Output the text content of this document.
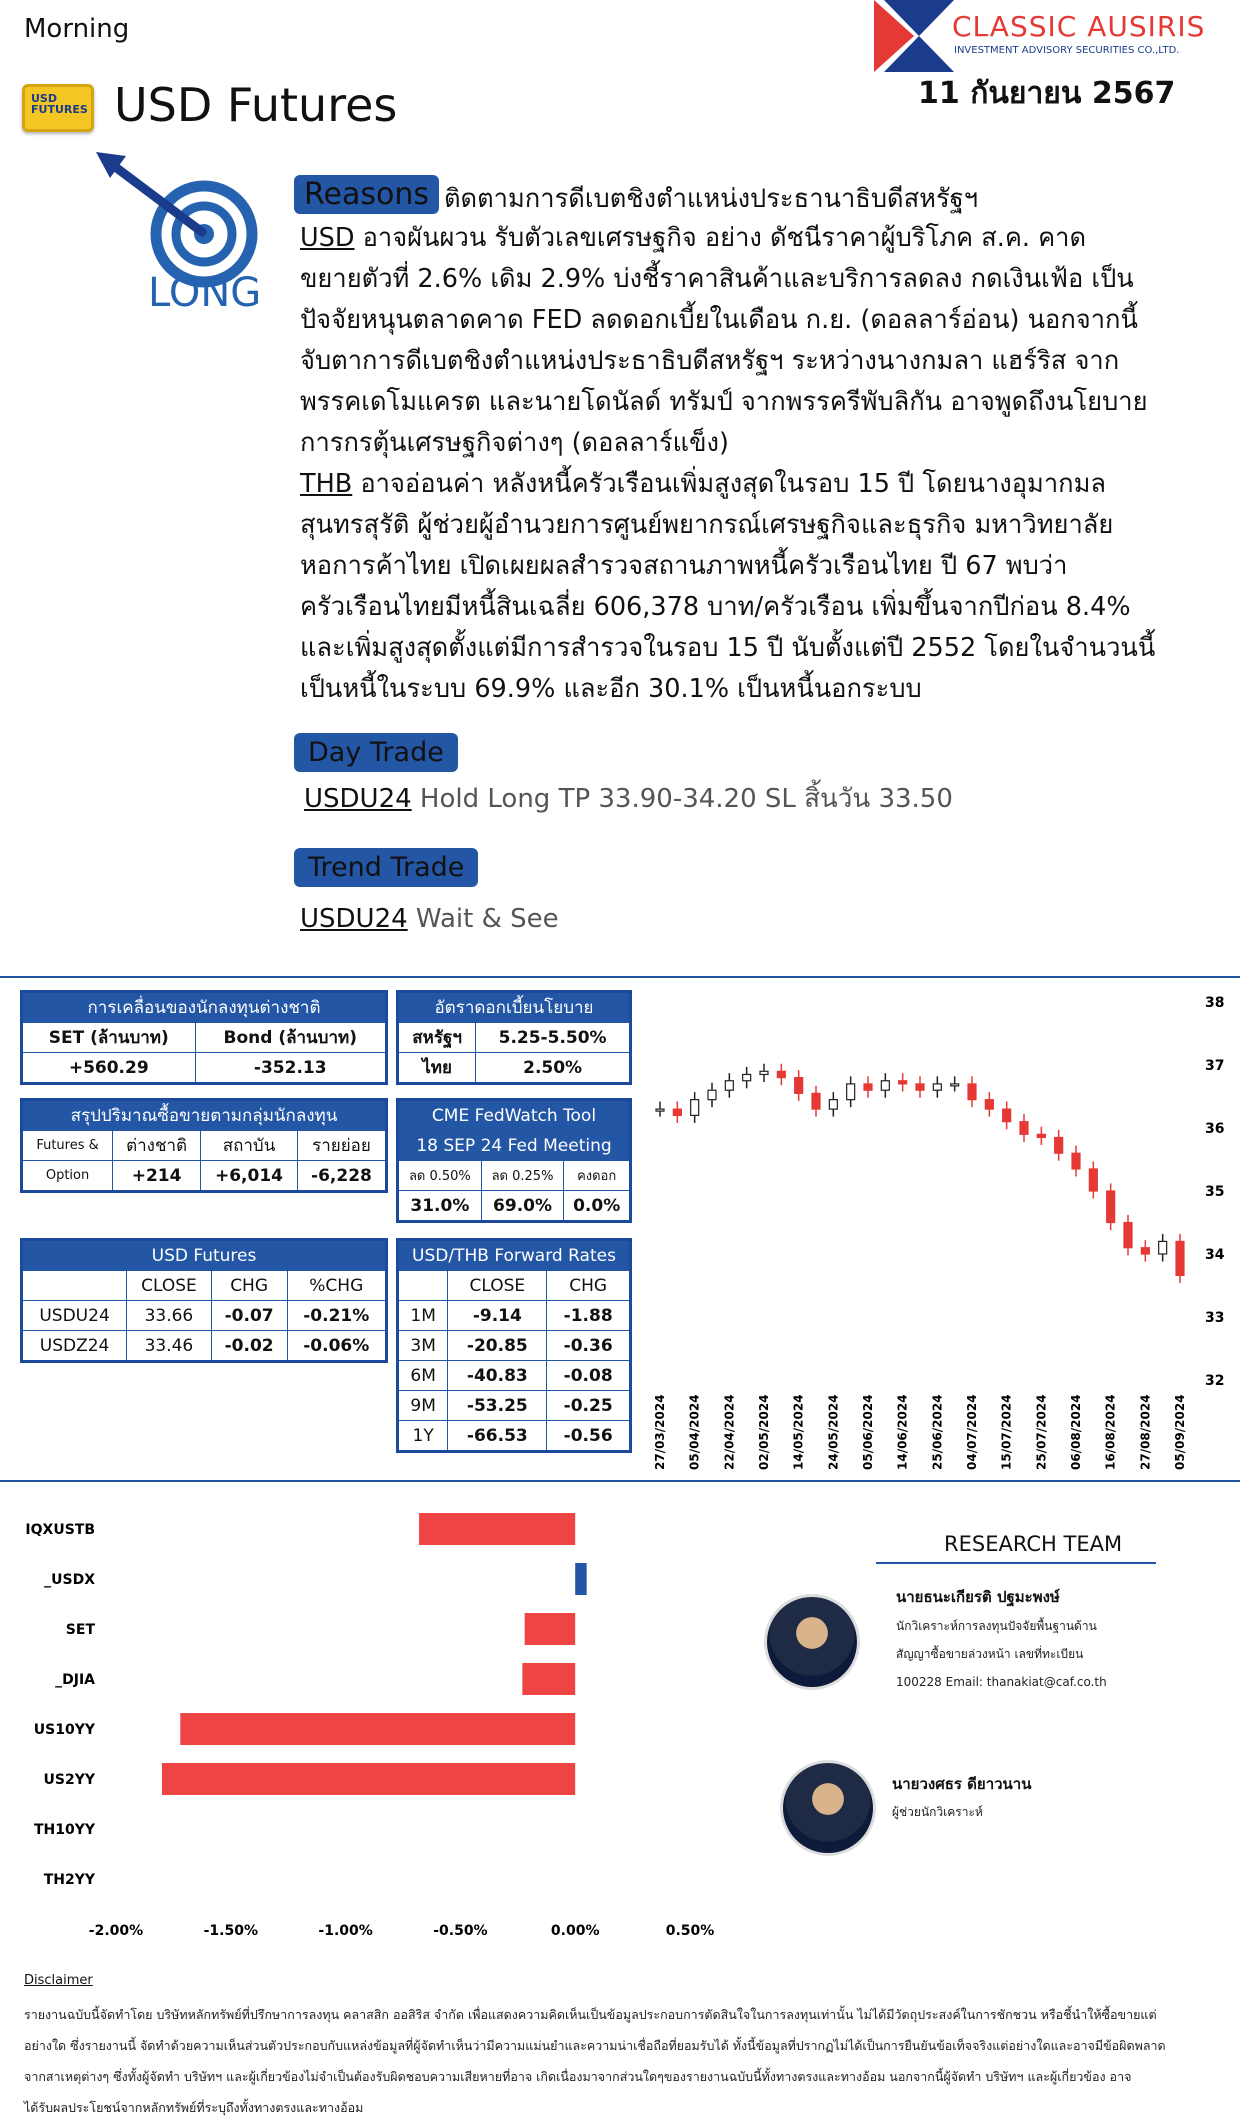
Morning
USD FUTURES USD Futures
CLASSIC AUSIRIS
INVESTMENT ADVISORY SECURITIES CO.,LTD.
11 กันยายน 2567
LONG
Reasons ติดตามการดีเบตชิงตำแหน่งประธานาธิบดีสหรัฐฯ
USD อาจผันผวน รับตัวเลขเศรษฐกิจ อย่าง ดัชนีราคาผู้บริโภค ส.ค. คาด
ขยายตัวที่ 2.6% เดิม 2.9% บ่งชี้ราคาสินค้าและบริการลดลง กดเงินเฟ้อ เป็น
ปัจจัยหนุนตลาดคาด FED ลดดอกเบี้ยในเดือน ก.ย. (ดอลลาร์อ่อน) นอกจากนี้
จับตาการดีเบตชิงตำแหน่งประธาธิบดีสหรัฐฯ ระหว่างนางกมลา แฮร์ริส จาก
พรรคเดโมแครต และนายโดนัลด์ ทรัมป์ จากพรรครีพับลิกัน อาจพูดถึงนโยบาย
การกรตุ้นเศรษฐกิจต่างๆ (ดอลลาร์แข็ง)
THB อาจอ่อนค่า หลังหนี้ครัวเรือนเพิ่มสูงสุดในรอบ 15 ปี โดยนางอุมากมล
สุนทรสุรัติ ผู้ช่วยผู้อำนวยการศูนย์พยากรณ์เศรษฐกิจและธุรกิจ มหาวิทยาลัย
หอการค้าไทย เปิดเผยผลสำรวจสถานภาพหนี้ครัวเรือนไทย ปี 67 พบว่า
ครัวเรือนไทยมีหนี้สินเฉลี่ย 606,378 บาท/ครัวเรือน เพิ่มขึ้นจากปีก่อน 8.4%
และเพิ่มสูงสุดตั้งแต่มีการสำรวจในรอบ 15 ปี นับตั้งแต่ปี 2552 โดยในจำนวนนี้
เป็นหนี้ในระบบ 69.9% และอีก 30.1% เป็นหนี้นอกระบบ
Day Trade
USDU24 Hold Long TP 33.90-34.20 SL สิ้นวัน 33.50
Trend Trade
USDU24 Wait & See
การเคลื่อนของนักลงทุนต่างชาติ	
SET (ล้านบาท)	Bond (ล้านบาท)
+560.29	-352.13
อัตราดอกเบี้ยนโยบาย	
สหรัฐฯ	5.25-5.50%
ไทย	2.50%
สรุปปริมาณซื้อขายตามกลุ่มนักลงทุน			
Futures &	ต่างชาติ	สถาบัน	รายย่อย
Option	+214	+6,014	-6,228
CME FedWatch Tool		
18 SEP 24 Fed Meeting		
ลด 0.50%	ลด 0.25%	คงดอก
31.0%	69.0%	0.0%
USD Futures			
	CLOSE	CHG	%CHG
USDU24	33.66	-0.07	-0.21%
USDZ24	33.46	-0.02	-0.06%
USD/THB Forward Rates		
	CLOSE	CHG
1M	-9.14	-1.88
3M	-20.85	-0.36
6M	-40.83	-0.08
9M	-53.25	-0.25
1Y	-66.53	-0.56
38
37
36
35
34
33
32
27/03/2024 05/04/2024 22/04/2024 02/05/2024 14/05/2024 24/05/2024 05/06/2024 14/06/2024 25/06/2024 04/07/2024 15/07/2024 25/07/2024 06/08/2024 16/08/2024 27/08/2024 05/09/2024
IQXUSTB
_USDX
SET
_DJIA
US10YY
US2YY
TH10YY
TH2YY
-2.00%	-1.50%	-1.00%	-0.50%	0.00%	0.50%
RESEARCH TEAM
นายธนะเกียรติ ปฐมะพงษ์
นักวิเคราะห์การลงทุนปัจจัยพื้นฐานด้าน
สัญญาซื้อขายล่วงหน้า เลขที่ทะเบียน
100228 Email: thanakiat@caf.co.th
นายวงศธร ดียาวนาน
ผู้ช่วยนักวิเคราะห์
Disclaimer
รายงานฉบับนี้จัดทำโดย บริษัทหลักทรัพย์ที่ปรึกษาการลงทุน คลาสสิก ออสิริส จำกัด เพื่อแสดงความคิดเห็นเป็นข้อมูลประกอบการตัดสินใจในการลงทุนเท่านั้น ไม่ได้มีวัตถุประสงค์ในการชักชวน หรือชี้นำให้ซื้อขายแต่
อย่างใด ซึ่งรายงานนี้ จัดทำด้วยความเห็นส่วนตัวประกอบกับแหล่งข้อมูลที่ผู้จัดทำเห็นว่ามีความแม่นยำและความน่าเชื่อถือที่ยอมรับได้ ทั้งนี้ข้อมูลที่ปรากฏไม่ได้เป็นการยืนยันข้อเท็จจริงแต่อย่างใดและอาจมีข้อผิดพลาด
จากสาเหตุต่างๆ ซึ่งทั้งผู้จัดทำ บริษัทฯ และผู้เกี่ยวข้องไม่จำเป็นต้องรับผิดชอบความเสียหายที่อาจ เกิดเนื่องมาจากส่วนใดๆของรายงานฉบับนี้ทั้งทางตรงและทางอ้อม นอกจากนี้ผู้จัดทำ บริษัทฯ และผู้เกี่ยวข้อง อาจ
ได้รับผลประโยชน์จากหลักทรัพย์ที่ระบุถึงทั้งทางตรงและทางอ้อม
